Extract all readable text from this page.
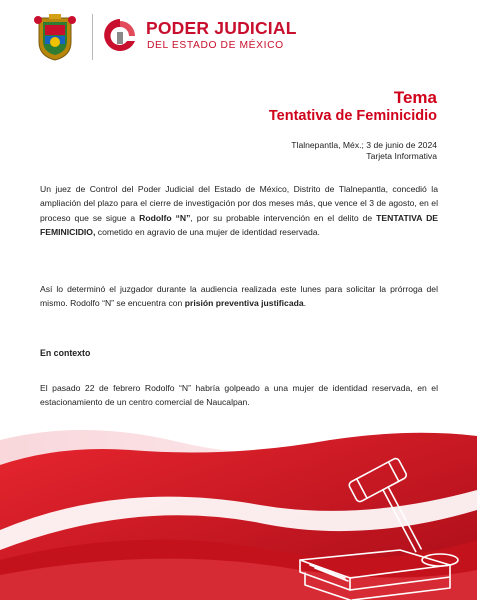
PODER JUDICIAL
DEL ESTADO DE MÉXICO
Tema
Tentativa de Feminicidio
Tlalnepantla, Méx.; 3 de junio de 2024
Tarjeta Informativa
Un juez de Control del Poder Judicial del Estado de México, Distrito de Tlalnepantla, concedió la ampliación del plazo para el cierre de investigación por dos meses más, que vence el 3 de agosto, en el proceso que se sigue a Rodolfo “N”, por su probable intervención en el delito de TENTATIVA DE FEMINICIDIO, cometido en agravio de una mujer de identidad reservada.
Así lo determinó el juzgador durante la audiencia realizada este lunes para solicitar la prórroga del mismo. Rodolfo “N” se encuentra con prisión preventiva justificada.
En contexto
El pasado 22 de febrero Rodolfo “N” habría golpeado a una mujer de identidad reservada, en el estacionamiento de un centro comercial de Naucalpan.
